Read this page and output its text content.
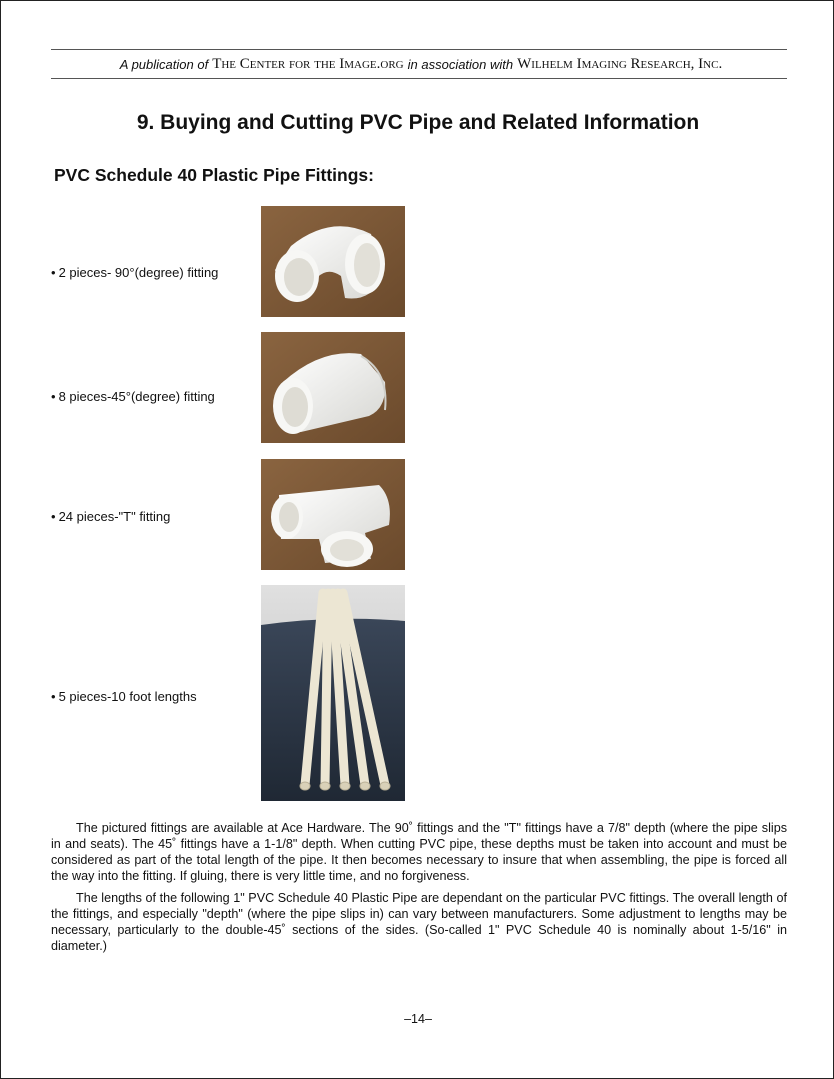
A publication of The Center for the Image.org in association with Wilhelm Imaging Research, Inc.
9. Buying and Cutting PVC Pipe and Related Information
PVC Schedule 40 Plastic Pipe Fittings:
• 2 pieces- 90°(degree) fitting
• 8 pieces-45°(degree) fitting
• 24 pieces-"T" fitting
• 5 pieces-10 foot lengths

The pictured fittings are available at Ace Hardware. The 90˚ fittings and the "T" fittings have a 7/8" depth (where the pipe slips in and seats). The 45˚ fittings have a 1-1/8" depth. When cutting PVC pipe, these depths must be taken into account and must be considered as part of the total length of the pipe. It then becomes necessary to insure that when assembling, the pipe is forced all the way into the fitting. If gluing, there is very little time, and no forgiveness.

The lengths of the following 1" PVC Schedule 40 Plastic Pipe are dependant on the particular PVC fittings. The overall length of the fittings, and especially "depth" (where the pipe slips in) can vary between manufacturers. Some adjustment to lengths may be necessary, particularly to the double-45˚ sections of the sides. (So-called 1" PVC Schedule 40 is nominally about 1-5/16" in diameter.)

–14–
